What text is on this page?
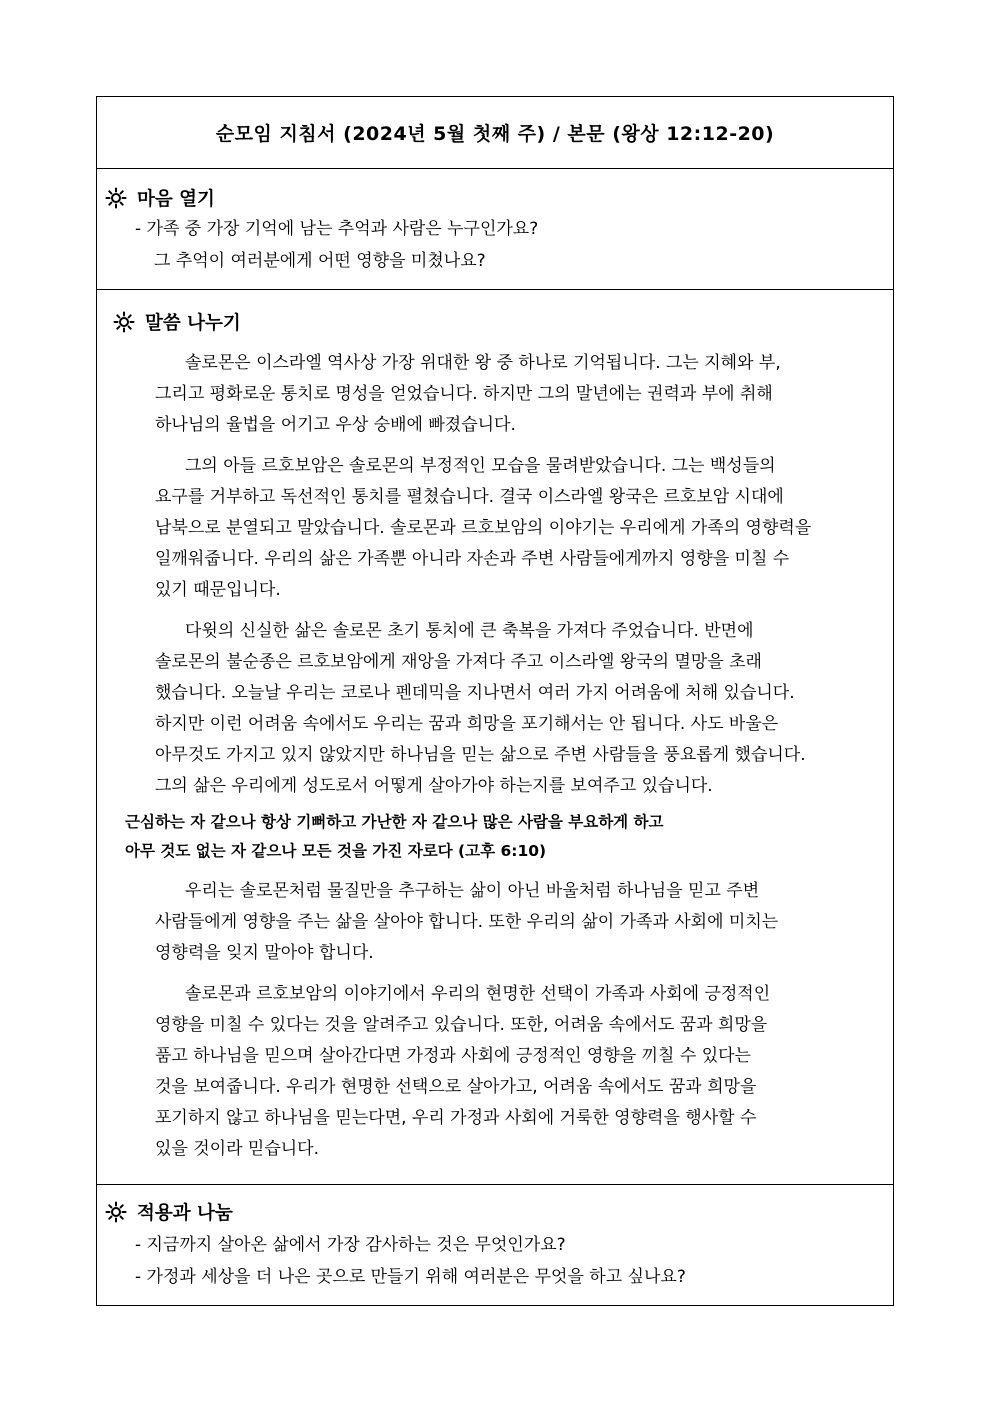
순모임 지침서 (2024년 5월 첫째 주) / 본문 (왕상 12:12-20)
마음 열기
- 가족 중 가장 기억에 남는 추억과 사람은 누구인가요?
그 추억이 여러분에게 어떤 영향을 미쳤나요?
말씀 나누기
솔로몬은 이스라엘 역사상 가장 위대한 왕 중 하나로 기억됩니다. 그는 지혜와 부,
그리고 평화로운 통치로 명성을 얻었습니다. 하지만 그의 말년에는 권력과 부에 취해
하나님의 율법을 어기고 우상 숭배에 빠졌습니다.
그의 아들 르호보암은 솔로몬의 부정적인 모습을 물려받았습니다. 그는 백성들의
요구를 거부하고 독선적인 통치를 펼쳤습니다. 결국 이스라엘 왕국은 르호보암 시대에
남북으로 분열되고 말았습니다. 솔로몬과 르호보암의 이야기는 우리에게 가족의 영향력을
일깨워줍니다. 우리의 삶은 가족뿐 아니라 자손과 주변 사람들에게까지 영향을 미칠 수
있기 때문입니다.
다윗의 신실한 삶은 솔로몬 초기 통치에 큰 축복을 가져다 주었습니다. 반면에
솔로몬의 불순종은 르호보암에게 재앙을 가져다 주고 이스라엘 왕국의 멸망을 초래
했습니다. 오늘날 우리는 코로나 펜데믹을 지나면서 여러 가지 어려움에 처해 있습니다.
하지만 이런 어려움 속에서도 우리는 꿈과 희망을 포기해서는 안 됩니다. 사도 바울은
아무것도 가지고 있지 않았지만 하나님을 믿는 삶으로 주변 사람들을 풍요롭게 했습니다.
그의 삶은 우리에게 성도로서 어떻게 살아가야 하는지를 보여주고 있습니다.
근심하는 자 같으나 항상 기뻐하고 가난한 자 같으나 많은 사람을 부요하게 하고
아무 것도 없는 자 같으나 모든 것을 가진 자로다 (고후 6:10)
우리는 솔로몬처럼 물질만을 추구하는 삶이 아닌 바울처럼 하나님을 믿고 주변
사람들에게 영향을 주는 삶을 살아야 합니다. 또한 우리의 삶이 가족과 사회에 미치는
영향력을 잊지 말아야 합니다.
솔로몬과 르호보암의 이야기에서 우리의 현명한 선택이 가족과 사회에 긍정적인
영향을 미칠 수 있다는 것을 알려주고 있습니다. 또한, 어려움 속에서도 꿈과 희망을
품고 하나님을 믿으며 살아간다면 가정과 사회에 긍정적인 영향을 끼칠 수 있다는
것을 보여줍니다. 우리가 현명한 선택으로 살아가고, 어려움 속에서도 꿈과 희망을
포기하지 않고 하나님을 믿는다면, 우리 가정과 사회에 거룩한 영향력을 행사할 수
있을 것이라 믿습니다.
적용과 나눔
- 지금까지 살아온 삶에서 가장 감사하는 것은 무엇인가요?
- 가정과 세상을 더 나은 곳으로 만들기 위해 여러분은 무엇을 하고 싶나요?
